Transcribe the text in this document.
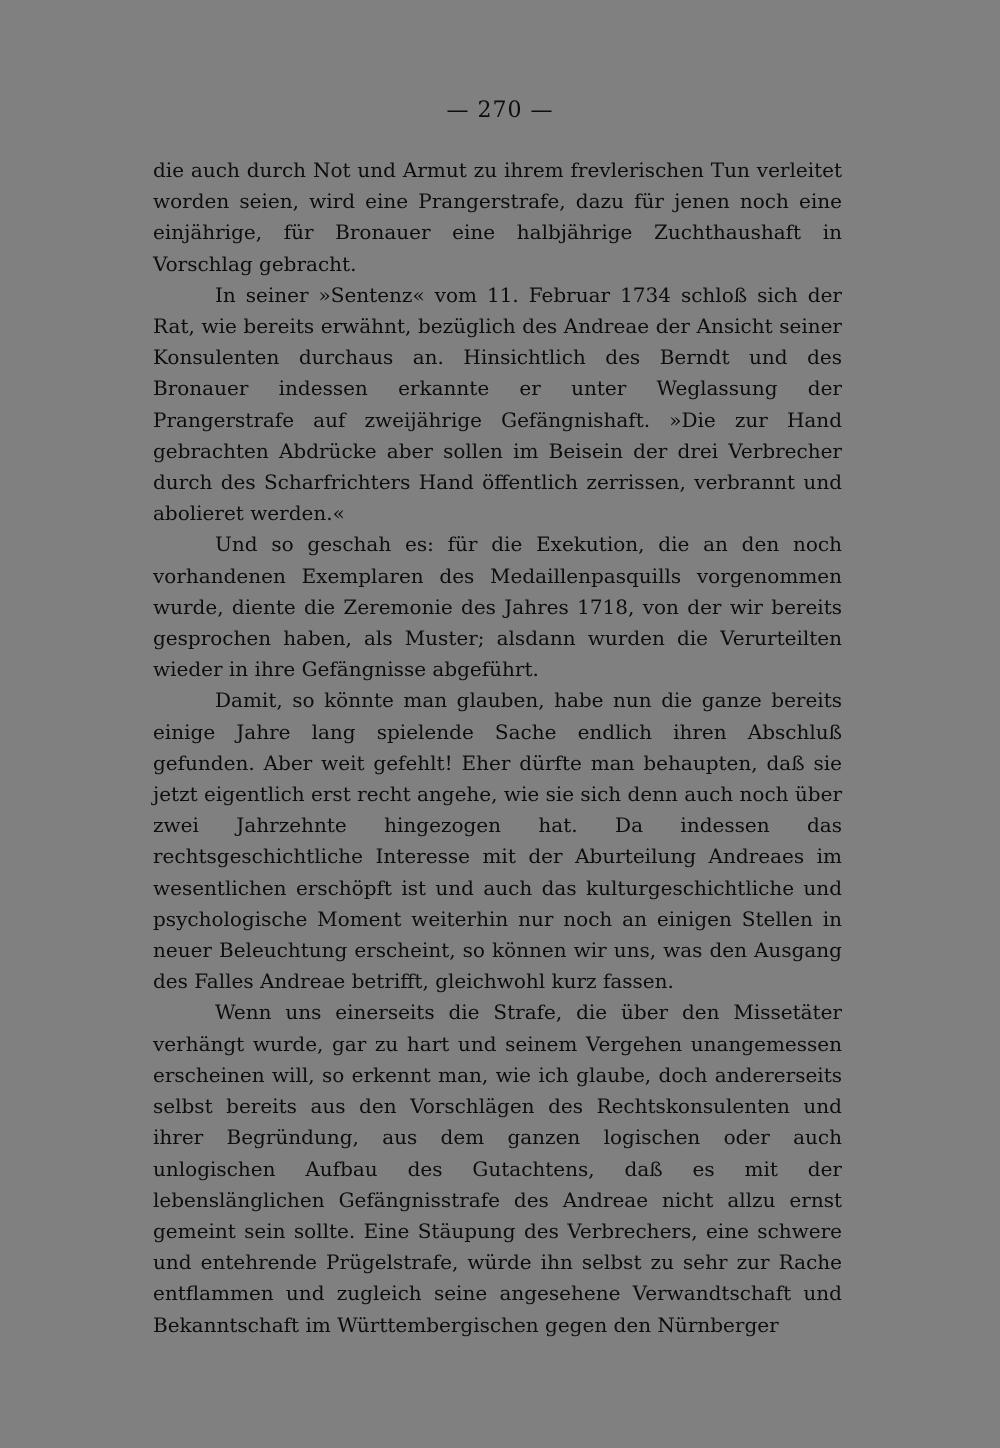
— 270 —

die auch durch Not und Armut zu ihrem frevlerischen Tun verleitet worden seien, wird eine Prangerstrafe, dazu für jenen noch eine einjährige, für Bronauer eine halbjährige Zuchthaushaft in Vorschlag gebracht.

In seiner »Sentenz« vom 11. Februar 1734 schloß sich der Rat, wie bereits erwähnt, bezüglich des Andreae der Ansicht seiner Konsulenten durchaus an. Hinsichtlich des Berndt und des Bronauer indessen erkannte er unter Weglassung der Prangerstrafe auf zweijährige Gefängnishaft. »Die zur Hand gebrachten Abdrücke aber sollen im Beisein der drei Verbrecher durch des Scharfrichters Hand öffentlich zerrissen, verbrannt und abolieret werden.«

Und so geschah es: für die Exekution, die an den noch vorhandenen Exemplaren des Medaillenpasquills vorgenommen wurde, diente die Zeremonie des Jahres 1718, von der wir bereits gesprochen haben, als Muster; alsdann wurden die Verurteilten wieder in ihre Gefängnisse abgeführt.

Damit, so könnte man glauben, habe nun die ganze bereits einige Jahre lang spielende Sache endlich ihren Abschluß gefunden. Aber weit gefehlt! Eher dürfte man behaupten, daß sie jetzt eigentlich erst recht angehe, wie sie sich denn auch noch über zwei Jahrzehnte hingezogen hat. Da indessen das rechtsgeschichtliche Interesse mit der Aburteilung Andreaes im wesentlichen erschöpft ist und auch das kulturgeschichtliche und psychologische Moment weiterhin nur noch an einigen Stellen in neuer Beleuchtung erscheint, so können wir uns, was den Ausgang des Falles Andreae betrifft, gleichwohl kurz fassen.

Wenn uns einerseits die Strafe, die über den Missetäter verhängt wurde, gar zu hart und seinem Vergehen unangemessen erscheinen will, so erkennt man, wie ich glaube, doch andererseits selbst bereits aus den Vorschlägen des Rechtskonsulenten und ihrer Begründung, aus dem ganzen logischen oder auch unlogischen Aufbau des Gutachtens, daß es mit der lebenslänglichen Gefängnisstrafe des Andreae nicht allzu ernst gemeint sein sollte. Eine Stäupung des Verbrechers, eine schwere und entehrende Prügelstrafe, würde ihn selbst zu sehr zur Rache entflammen und zugleich seine angesehene Verwandtschaft und Bekanntschaft im Württembergischen gegen den Nürnberger
